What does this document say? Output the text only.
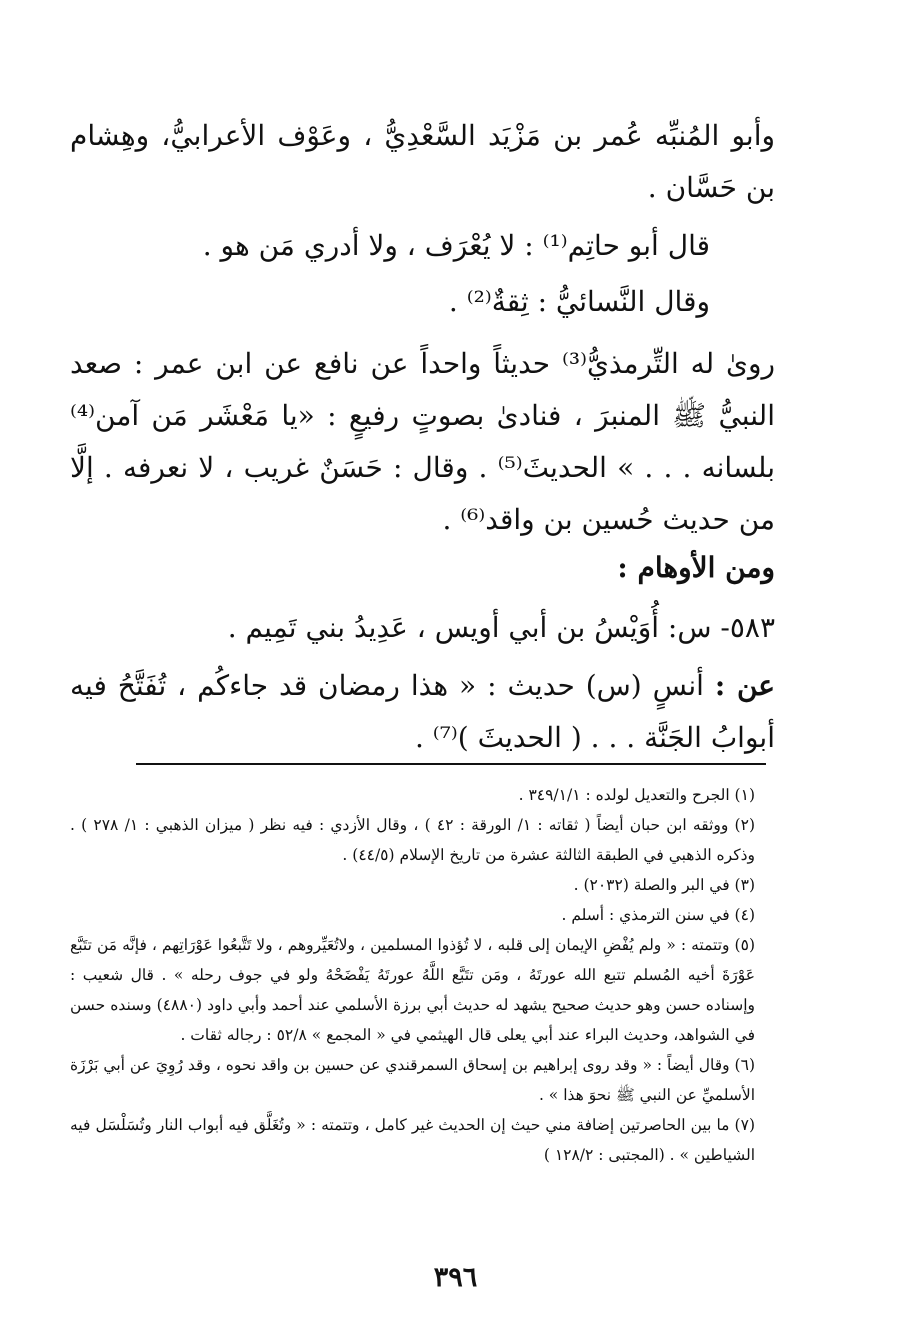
وأبو المُنبِّه عُمر بن مَزْيَد السَّعْدِيُّ ، وعَوْف الأعرابيُّ، وهِشام بن حَسَّان .

قال أبو حاتِم⁽¹⁾ : لا يُعْرَف ، ولا أدري مَن هو .

وقال النَّسائيُّ : ثِقةٌ⁽²⁾ .

روىٰ له التِّرمذيُّ⁽³⁾ حديثاً واحداً عن نافع عن ابن عمر : صعد النبيُّ ﷺ المنبرَ ، فنادىٰ بصوتٍ رفيعٍ : «يا مَعْشَر مَن آمن⁽⁴⁾ بلسانه . . . » الحديثَ⁽⁵⁾ . وقال : حَسَنٌ غريب ، لا نعرفه . إلَّا من حديث حُسين بن واقد⁽⁶⁾ .

ومن الأوهام :

٥٨٣- س: أُوَيْسُ بن أبي أويس ، عَدِيدُ بني تَمِيم .

عن : أنسٍ (س) حديث : « هذا رمضان قد جاءكُم ، تُفَتَّحُ فيه أبوابُ الجَنَّة . . . ( الحديثَ )⁽⁷⁾ .

(١) الجرح والتعديل لولده : ٣٤٩/١/١ .

(٢) ووثقه ابن حبان أيضاً ( ثقاته : ١/ الورقة : ٤٢ ) ، وقال الأزدي : فيه نظر ( ميزان الذهبي : ١/ ٢٧٨ ) . وذكره الذهبي في الطبقة الثالثة عشرة من تاريخ الإسلام (٤٤/٥) .

(٣) في البر والصلة (٢٠٣٢) .

(٤) في سنن الترمذي : أسلم .

(٥) وتتمته : « ولم يُفْضِ الإيمان إلى قلبه ، لا تُؤذوا المسلمين ، ولاتُعَيِّروهم ، ولا تَتَّبعُوا عَوْرَاتِهم ، فإنَّه مَن تتَبَّع عَوْرَةَ أخيه المُسلم تتبع الله عورتَهُ ، ومَن تتَبَّع اللَّهُ عورتَهُ يَفْضَحْهُ ولو في جوف رحله » . قال شعيب : وإسناده حسن وهو حديث صحيح يشهد له حديث أبي برزة الأسلمي عند أحمد وأبي داود (٤٨٨٠) وسنده حسن في الشواهد، وحديث البراء عند أبي يعلى قال الهيثمي في « المجمع » ٥٢/٨ : رجاله ثقات .

(٦) وقال أيضاً : « وقد روى إبراهيم بن إسحاق السمرقندي عن حسين بن واقد نحوه ، وقد رُوِيَ عن أبي بَرْزَة الأسلميِّ عن النبي ﷺ نحوَ هذا » .

(٧) ما بين الحاصرتين إضافة مني حيث إن الحديث غير كامل ، وتتمته : « وتُغَلَّق فيه أبواب النار وتُسَلْسَل فيه الشياطين » . (المجتبى : ١٢٨/٢ )

٣٩٦
